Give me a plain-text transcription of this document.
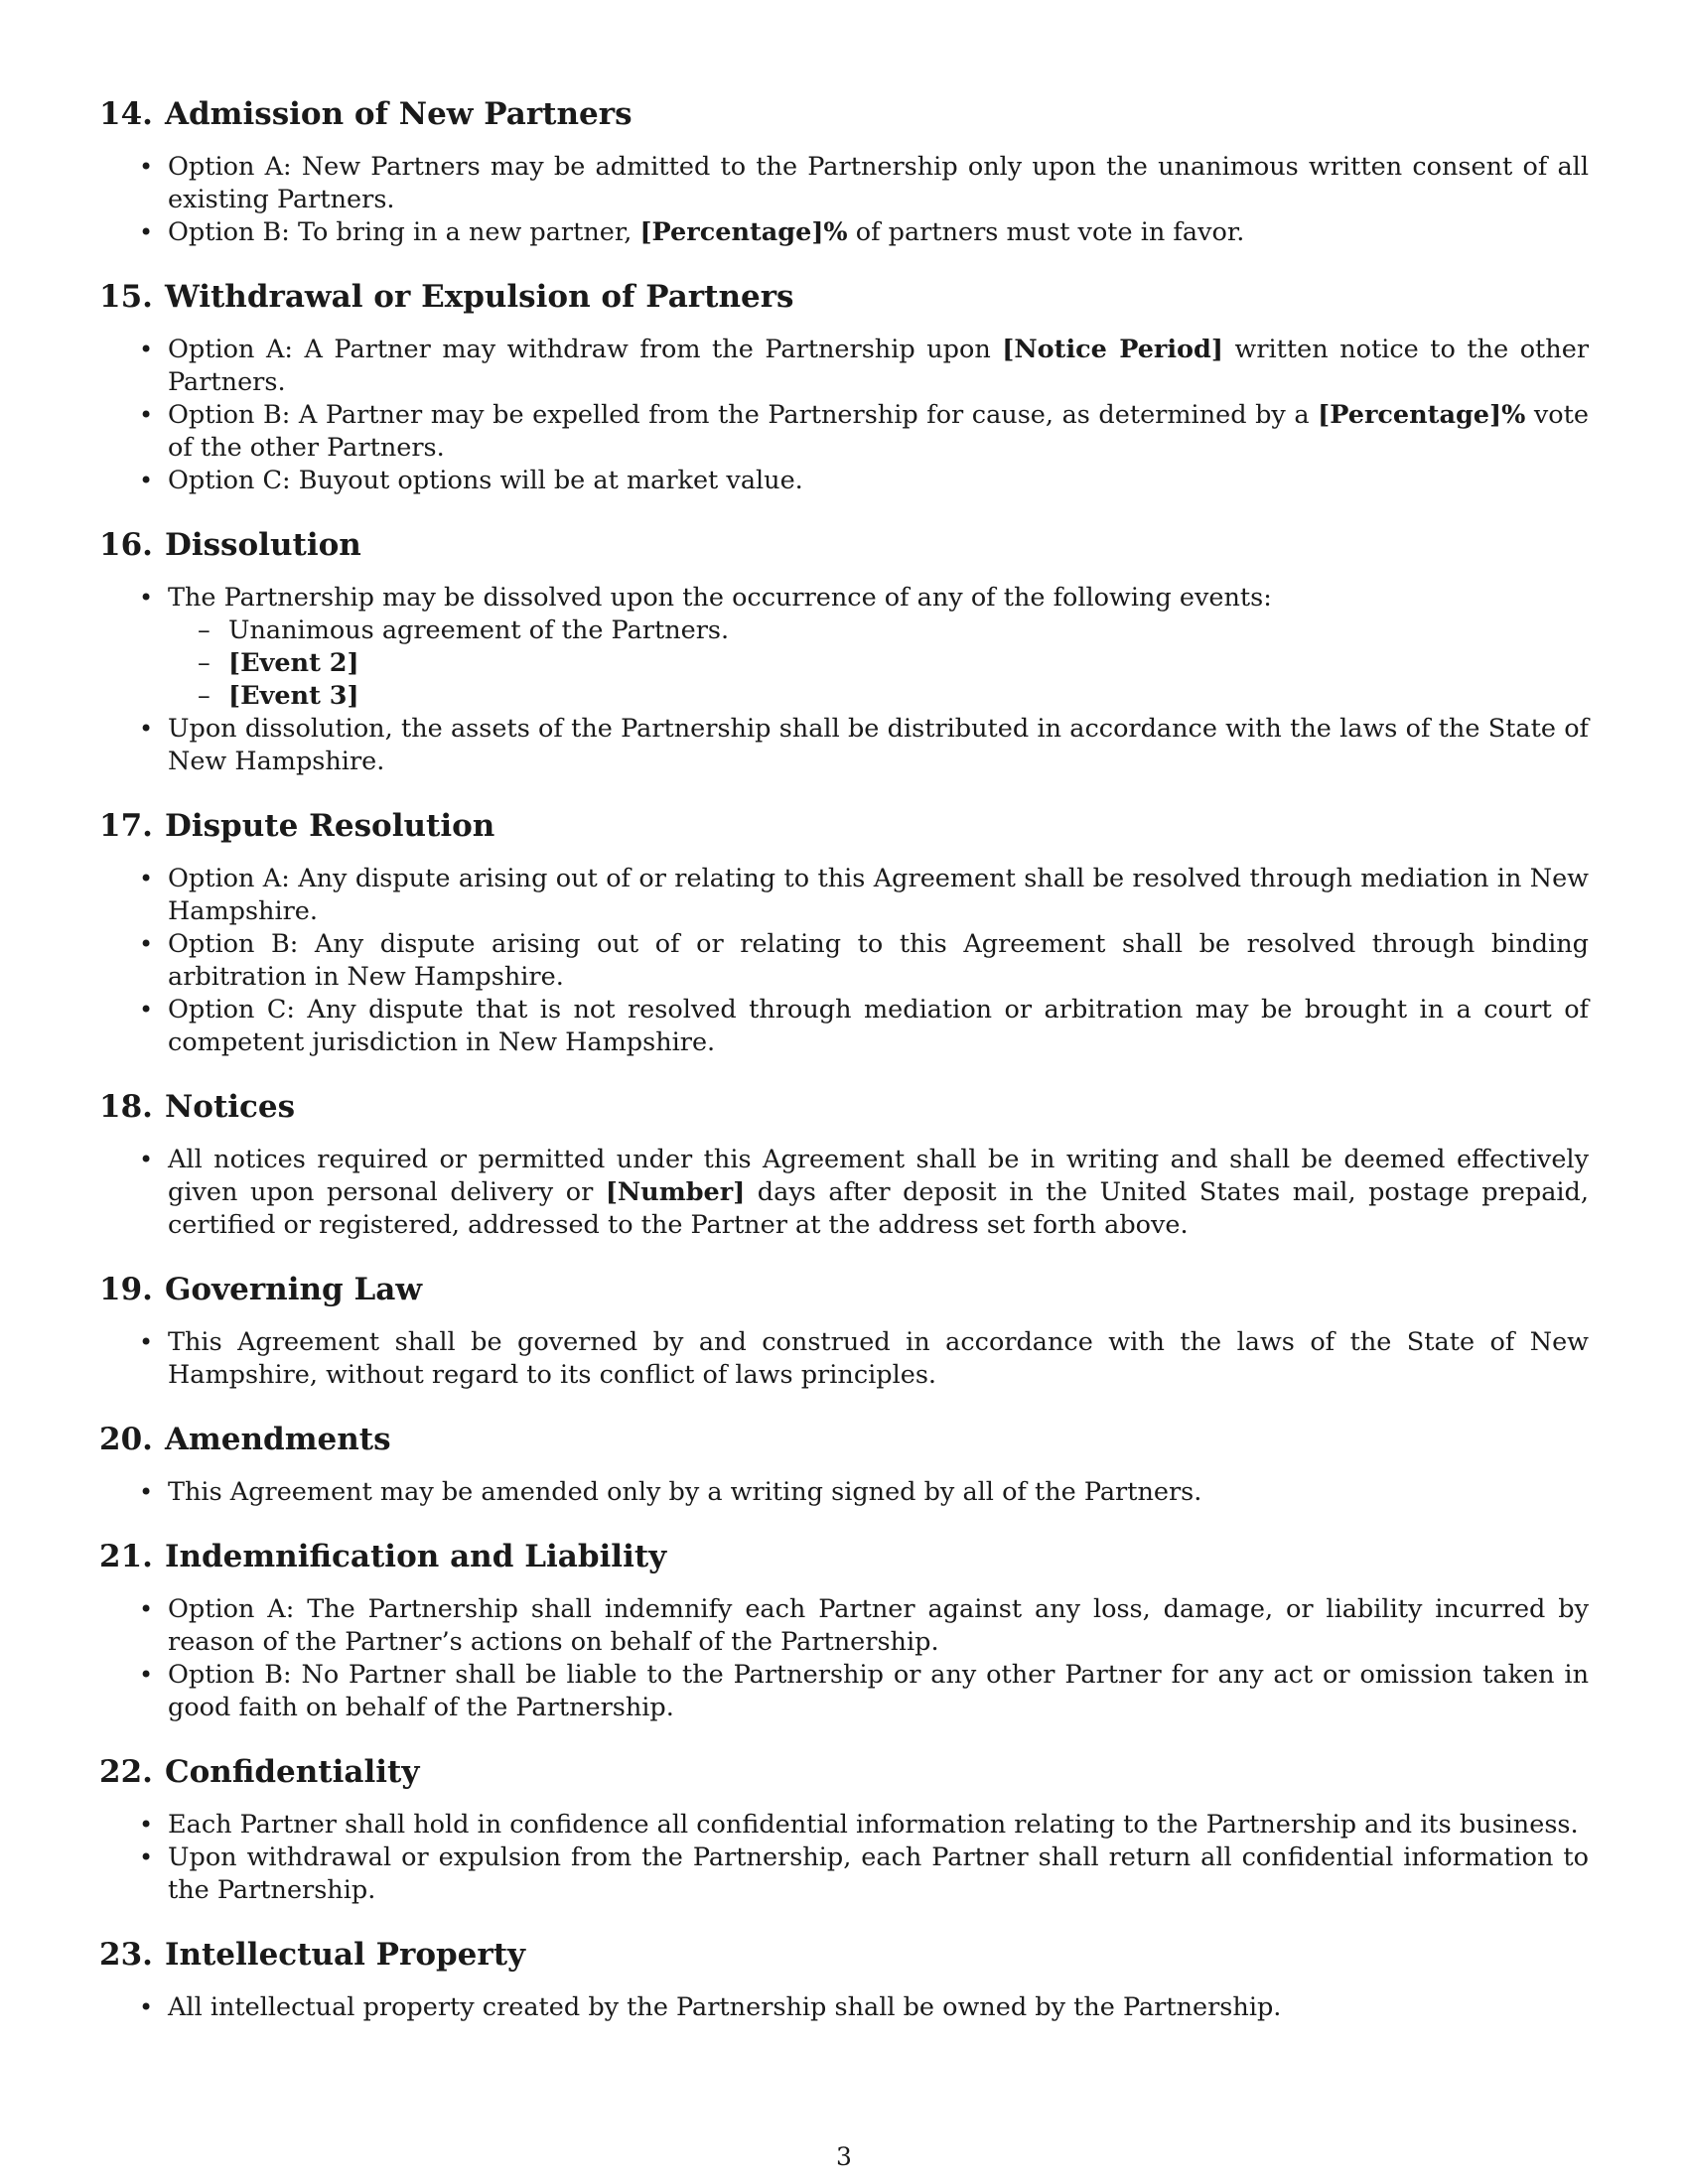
14. Admission of New Partners
• Option A: New Partners may be admitted to the Partnership only upon the unanimous written consent of all existing Partners.
• Option B: To bring in a new partner, [Percentage]% of partners must vote in favor.
15. Withdrawal or Expulsion of Partners
• Option A: A Partner may withdraw from the Partnership upon [Notice Period] written notice to the other Partners.
• Option B: A Partner may be expelled from the Partnership for cause, as determined by a [Percentage]% vote of the other Partners.
• Option C: Buyout options will be at market value.
16. Dissolution
• The Partnership may be dissolved upon the occurrence of any of the following events:
– Unanimous agreement of the Partners.
– [Event 2]
– [Event 3]
• Upon dissolution, the assets of the Partnership shall be distributed in accordance with the laws of the State of New Hampshire.
17. Dispute Resolution
• Option A: Any dispute arising out of or relating to this Agreement shall be resolved through mediation in New Hampshire.
• Option B: Any dispute arising out of or relating to this Agreement shall be resolved through binding arbitration in New Hampshire.
• Option C: Any dispute that is not resolved through mediation or arbitration may be brought in a court of competent jurisdiction in New Hampshire.
18. Notices
• All notices required or permitted under this Agreement shall be in writing and shall be deemed effectively given upon personal delivery or [Number] days after deposit in the United States mail, postage prepaid, certified or registered, addressed to the Partner at the address set forth above.
19. Governing Law
• This Agreement shall be governed by and construed in accordance with the laws of the State of New Hampshire, without regard to its conflict of laws principles.
20. Amendments
• This Agreement may be amended only by a writing signed by all of the Partners.
21. Indemnification and Liability
• Option A: The Partnership shall indemnify each Partner against any loss, damage, or liability incurred by reason of the Partner’s actions on behalf of the Partnership.
• Option B: No Partner shall be liable to the Partnership or any other Partner for any act or omission taken in good faith on behalf of the Partnership.
22. Confidentiality
• Each Partner shall hold in confidence all confidential information relating to the Partnership and its business.
• Upon withdrawal or expulsion from the Partnership, each Partner shall return all confidential information to the Partnership.
23. Intellectual Property
• All intellectual property created by the Partnership shall be owned by the Partnership.
3
